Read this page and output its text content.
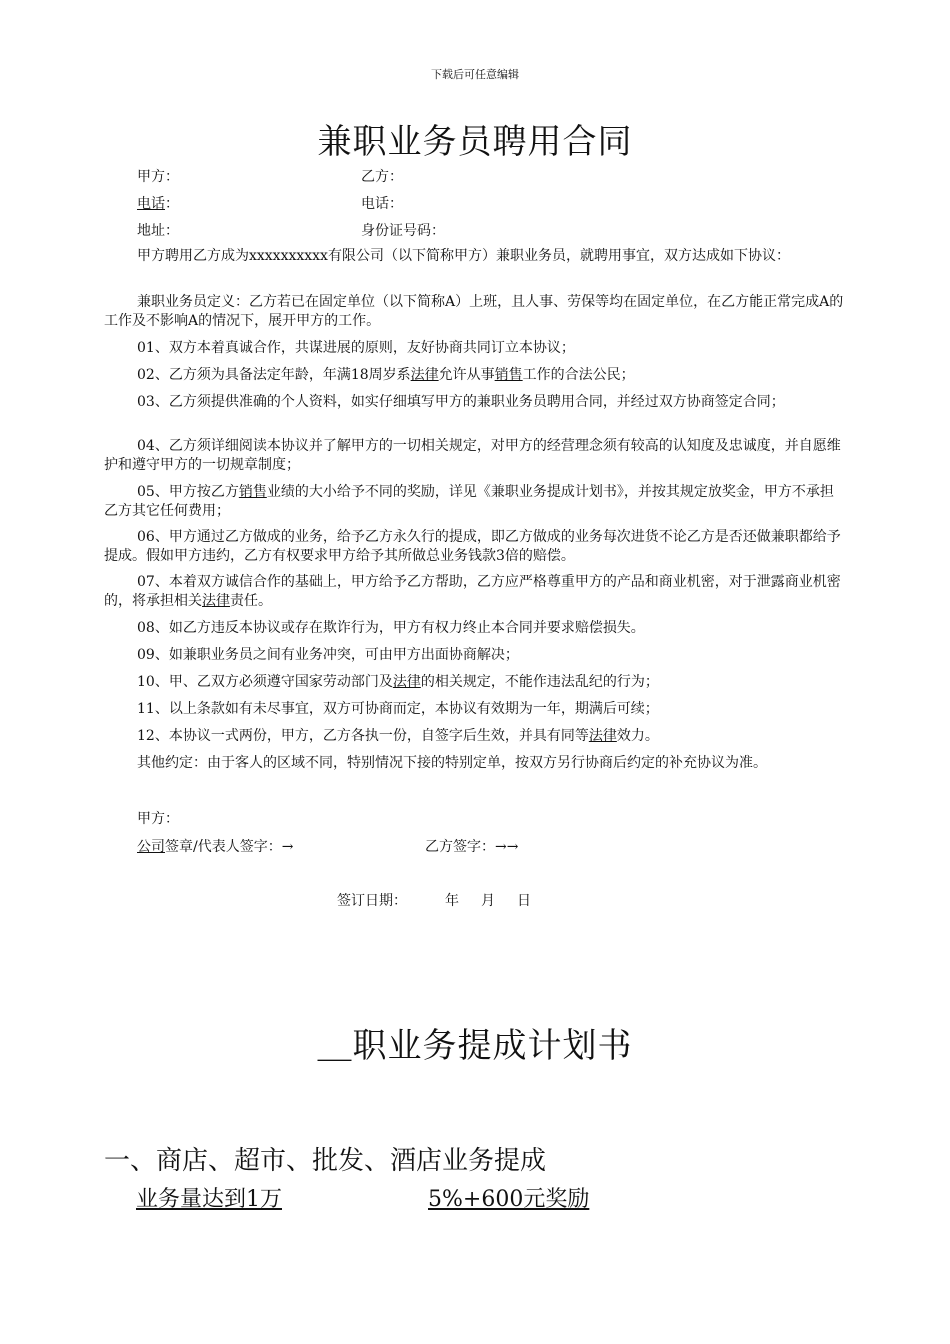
下载后可任意编辑
兼职业务员聘用合同
甲方：	乙方：
电话：	电话：
地址：	身份证号码：
甲方聘用乙方成为xxxxxxxxxx有限公司（以下简称甲方）兼职业务员，就聘用事宜，双方达成如下协议：
兼职业务员定义：乙方若已在固定单位（以下简称A）上班，且人事、劳保等均在固定单位，在乙方能正常完成A的工作及不影响A的情况下，展开甲方的工作。
01、双方本着真诚合作，共谋进展的原则，友好协商共同订立本协议；
02、乙方须为具备法定年龄，年满18周岁系法律允许从事销售工作的合法公民；
03、乙方须提供准确的个人资料，如实仔细填写甲方的兼职业务员聘用合同，并经过双方协商签定合同；
04、乙方须详细阅读本协议并了解甲方的一切相关规定，对甲方的经营理念须有较高的认知度及忠诚度，并自愿维护和遵守甲方的一切规章制度；
05、甲方按乙方销售业绩的大小给予不同的奖励，详见《兼职业务提成计划书》，并按其规定放奖金，甲方不承担乙方其它任何费用；
06、甲方通过乙方做成的业务，给予乙方永久行的提成，即乙方做成的业务每次进货不论乙方是否还做兼职都给予提成。假如甲方违约，乙方有权要求甲方给予其所做总业务钱款3倍的赔偿。
07、本着双方诚信合作的基础上，甲方给予乙方帮助，乙方应严格尊重甲方的产品和商业机密，对于泄露商业机密的，将承担相关法律责任。
08、如乙方违反本协议或存在欺诈行为，甲方有权力终止本合同并要求赔偿损失。
09、如兼职业务员之间有业务冲突，可由甲方出面协商解决；
10、甲、乙双方必须遵守国家劳动部门及法律的相关规定，不能作违法乱纪的行为；
11、以上条款如有未尽事宜，双方可协商而定，本协议有效期为一年，期满后可续；
12、本协议一式两份，甲方，乙方各执一份，自签字后生效，并具有同等法律效力。
其他约定：由于客人的区域不同，特别情况下接的特别定单，按双方另行协商后约定的补充协议为准。
甲方：
公司签章/代表人签字：→	乙方签字：→→
签订日期：	年 月 日
＿职业务提成计划书
一、商店、超市、批发、酒店业务提成
业务量达到1万	5%+600元奖励
